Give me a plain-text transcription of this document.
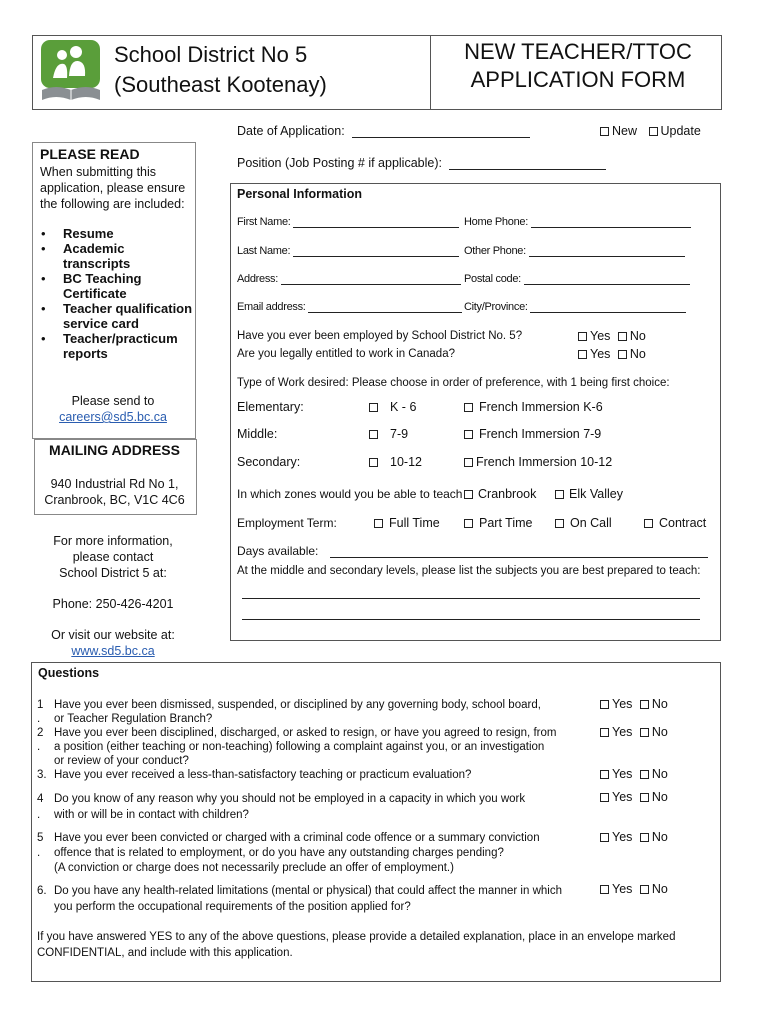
School District No 5
(Southeast Kootenay)
NEW TEACHER/TTOC
APPLICATION FORM
Date of Application:	New Update
Position (Job Posting # if applicable):
PLEASE READ
When submitting this application, please ensure the following are included:
• Resume
• Academic transcripts
• BC Teaching Certificate
• Teacher qualification service card
• Teacher/practicum reports
Please send to
careers@sd5.bc.ca
MAILING ADDRESS
940 Industrial Rd No 1,
Cranbrook, BC, V1C 4C6
For more information,
please contact
School District 5 at:
Phone: 250-426-4201
Or visit our website at:
www.sd5.bc.ca
Personal Information
First Name:	Home Phone:
Last Name:	Other Phone:
Address:	Postal code:
Email address:	City/Province:
Have you ever been employed by School District No. 5?	Yes No
Are you legally entitled to work in Canada?	Yes No
Type of Work desired: Please choose in order of preference, with 1 being first choice:
Elementary:	K - 6	French Immersion K-6
Middle:	7-9	French Immersion 7-9
Secondary:	10-12	French Immersion 10-12
In which zones would you be able to teach	Cranbrook	Elk Valley
Employment Term:	Full Time	Part Time	On Call	Contract
Days available:
At the middle and secondary levels, please list the subjects you are best prepared to teach:
Questions
1 .
Have you ever been dismissed, suspended, or disciplined by any governing body, school board,
or Teacher Regulation Branch?
Yes No
2 .
Have you ever been disciplined, discharged, or asked to resign, or have you agreed to resign, from
a position (either teaching or non-teaching) following a complaint against you, or an investigation
or review of your conduct?
Yes No
3. Have you ever received a less-than-satisfactory teaching or practicum evaluation?	Yes No
4 .
Do you know of any reason why you should not be employed in a capacity in which you work
with or will be in contact with children?
Yes No
5 .
Have you ever been convicted or charged with a criminal code offence or a summary conviction
offence that is related to employment, or do you have any outstanding charges pending?
(A conviction or charge does not necessarily preclude an offer of employment.)
Yes No
6. Do you have any health-related limitations (mental or physical) that could affect the manner in which
you perform the occupational requirements of the position applied for?
Yes No
If you have answered YES to any of the above questions, please provide a detailed explanation, place in an envelope marked
CONFIDENTIAL, and include with this application.
